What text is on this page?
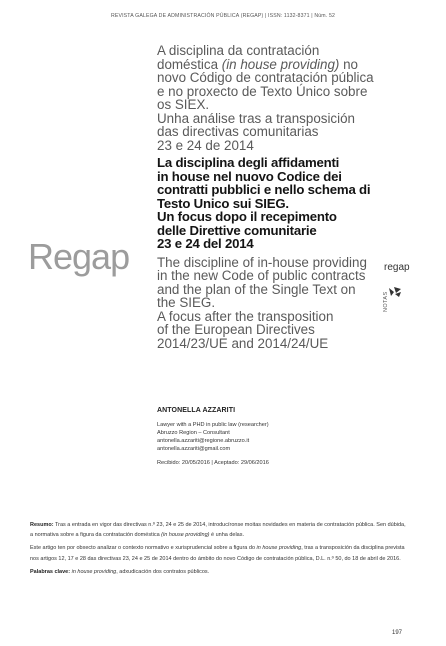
REVISTA GALEGA DE ADMINISTRACIÓN PÚBLICA (REGAP) | ISSN: 1132-8371 | Núm. 52
A disciplina da contratación
doméstica (in house providing) no
novo Código de contratación pública
e no proxecto de Texto Único sobre
os SIEX.
Unha análise tras a transposición
das directivas comunitarias
23 e 24 de 2014
La disciplina degli affidamenti
in house nel nuovo Codice dei
contratti pubblici e nello schema di
Testo Unico sui SIEG.
Un focus dopo il recepimento
delle Direttive comunitarie
23 e 24 del 2014
The discipline of in-house providing
in the new Code of public contracts
and the plan of the Single Text on
the SIEG.
A focus after the transposition
of the European Directives
2014/23/UE and 2014/24/UE
Regap	regap
NOTAS
ANTONELLA AZZARITI
Lawyer with a PHD in public law (researcher)
Abruzzo Region – Consultant
antonella.azzariti@regione.abruzzo.it
antonella.azzariti@gmail.com
Recibido: 20/05/2016 | Aceptado: 29/06/2016

Resumo: Tras a entrada en vigor das directivas n.º 23, 24 e 25 de 2014, introducíronse moitas novidades en materia de contratación pública. Sen dúbida, a normativa sobre a figura da contratación doméstica (in house providing) é unha delas.

Este artigo ten por obxecto analizar o contexto normativo e xurisprudencial sobre a figura do in house providing, tras a transposición da disciplina prevista nos artigos 12, 17 e 28 das directivas 23, 24 e 25 de 2014 dentro do ámbito do novo Código de contratación pública, D.L. n.º 50, do 18 de abril de 2016.

Palabras clave: in house providing, adxudicación dos contratos públicos.

197
